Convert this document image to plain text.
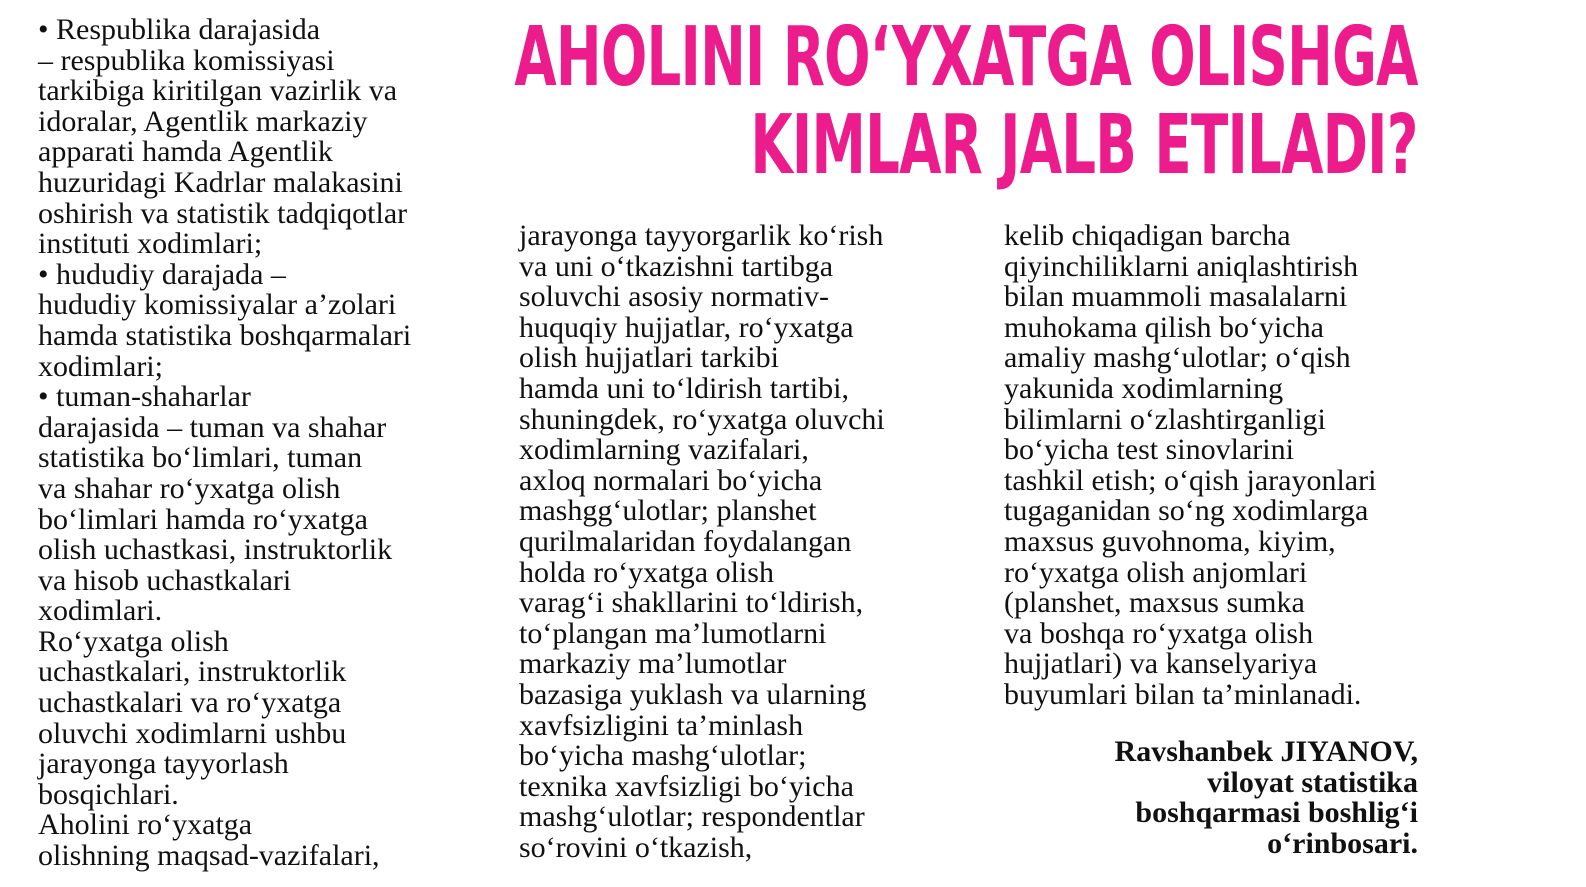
AHOLINI RO‘YXATGA OLISHGA
KIMLAR JALB ETILADI?
• Respublika darajasida
– respublika komissiyasi
tarkibiga kiritilgan vazirlik va
idoralar, Agentlik markaziy
apparati hamda Agentlik
huzuridagi Kadrlar malakasini
oshirish va statistik tadqiqotlar
instituti xodimlari;
• hududiy darajada –
hududiy komissiyalar a’zolari
hamda statistika boshqarmalari
xodimlari;
• tuman-shaharlar
darajasida – tuman va shahar
statistika bo‘limlari, tuman
va shahar ro‘yxatga olish
bo‘limlari hamda ro‘yxatga
olish uchastkasi, instruktorlik
va hisob uchastkalari
xodimlari.
Ro‘yxatga olish
uchastkalari, instruktorlik
uchastkalari va ro‘yxatga
oluvchi xodimlarni ushbu
jarayonga tayyorlash
bosqichlari.
Aholini ro‘yxatga
olishning maqsad-vazifalari,
jarayonga tayyorgarlik ko‘rish
va uni o‘tkazishni tartibga
soluvchi asosiy normativ-
huquqiy hujjatlar, ro‘yxatga
olish hujjatlari tarkibi
hamda uni to‘ldirish tartibi,
shuningdek, ro‘yxatga oluvchi
xodimlarning vazifalari,
axloq normalari bo‘yicha
mashgg‘ulotlar; planshet
qurilmalaridan foydalangan
holda ro‘yxatga olish
varag‘i shakllarini to‘ldirish,
to‘plangan ma’lumotlarni
markaziy ma’lumotlar
bazasiga yuklash va ularning
xavfsizligini ta’minlash
bo‘yicha mashg‘ulotlar;
texnika xavfsizligi bo‘yicha
mashg‘ulotlar; respondentlar
so‘rovini o‘tkazish,
kelib chiqadigan barcha
qiyinchiliklarni aniqlashtirish
bilan muammoli masalalarni
muhokama qilish bo‘yicha
amaliy mashg‘ulotlar; o‘qish
yakunida xodimlarning
bilimlarni o‘zlashtirganligi
bo‘yicha test sinovlarini
tashkil etish; o‘qish jarayonlari
tugaganidan so‘ng xodimlarga
maxsus guvohnoma, kiyim,
ro‘yxatga olish anjomlari
(planshet, maxsus sumka
va boshqa ro‘yxatga olish
hujjatlari) va kanselyariya
buyumlari bilan ta’minlanadi.
Ravshanbek JIYANOV,
viloyat statistika
boshqarmasi boshlig‘i
o‘rinbosari.
